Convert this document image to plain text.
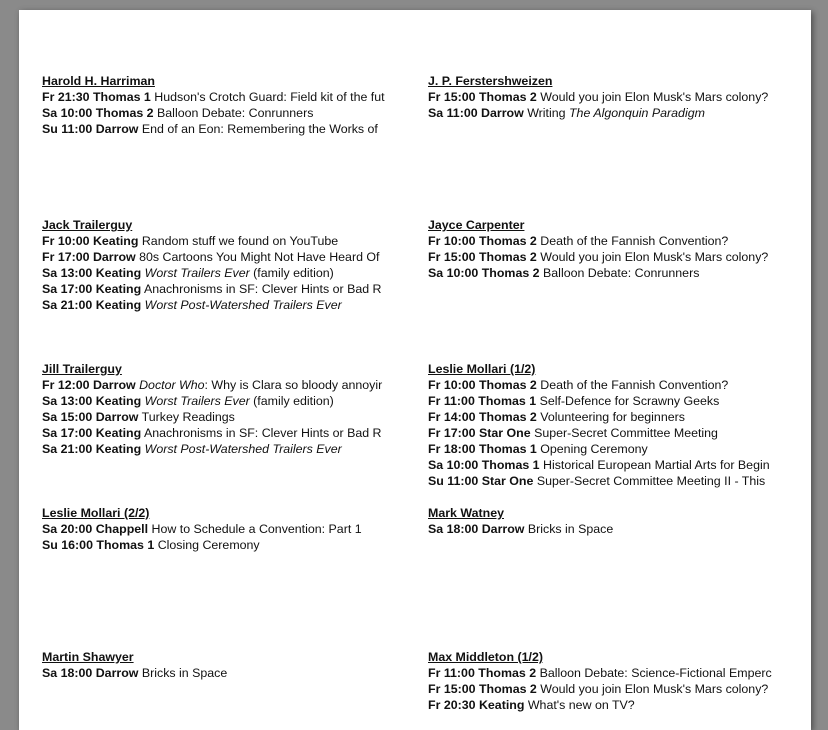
Harold H. Harriman
Fr 21:30 Thomas 1 Hudson's Crotch Guard: Field kit of the fut
Sa 10:00 Thomas 2 Balloon Debate: Conrunners
Su 11:00 Darrow End of an Eon: Remembering the Works of
J. P. Ferstershweizen
Fr 15:00 Thomas 2 Would you join Elon Musk's Mars colony?
Sa 11:00 Darrow Writing The Algonquin Paradigm
Jack Trailerguy
Fr 10:00 Keating Random stuff we found on YouTube
Fr 17:00 Darrow 80s Cartoons You Might Not Have Heard Of
Sa 13:00 Keating Worst Trailers Ever (family edition)
Sa 17:00 Keating Anachronisms in SF: Clever Hints or Bad R
Sa 21:00 Keating Worst Post-Watershed Trailers Ever
Jayce Carpenter
Fr 10:00 Thomas 2 Death of the Fannish Convention?
Fr 15:00 Thomas 2 Would you join Elon Musk's Mars colony?
Sa 10:00 Thomas 2 Balloon Debate: Conrunners
Jill Trailerguy
Fr 12:00 Darrow Doctor Who: Why is Clara so bloody annoyir
Sa 13:00 Keating Worst Trailers Ever (family edition)
Sa 15:00 Darrow Turkey Readings
Sa 17:00 Keating Anachronisms in SF: Clever Hints or Bad R
Sa 21:00 Keating Worst Post-Watershed Trailers Ever
Leslie Mollari (1/2)
Fr 10:00 Thomas 2 Death of the Fannish Convention?
Fr 11:00 Thomas 1 Self-Defence for Scrawny Geeks
Fr 14:00 Thomas 2 Volunteering for beginners
Fr 17:00 Star One Super-Secret Committee Meeting
Fr 18:00 Thomas 1 Opening Ceremony
Sa 10:00 Thomas 1 Historical European Martial Arts for Begin
Su 11:00 Star One Super-Secret Committee Meeting II - This
Leslie Mollari (2/2)
Sa 20:00 Chappell How to Schedule a Convention: Part 1
Su 16:00 Thomas 1 Closing Ceremony
Mark Watney
Sa 18:00 Darrow Bricks in Space
Martin Shawyer
Sa 18:00 Darrow Bricks in Space
Max Middleton (1/2)
Fr 11:00 Thomas 2 Balloon Debate: Science-Fictional Emperc
Fr 15:00 Thomas 2 Would you join Elon Musk's Mars colony?
Fr 20:30 Keating What's new on TV?
